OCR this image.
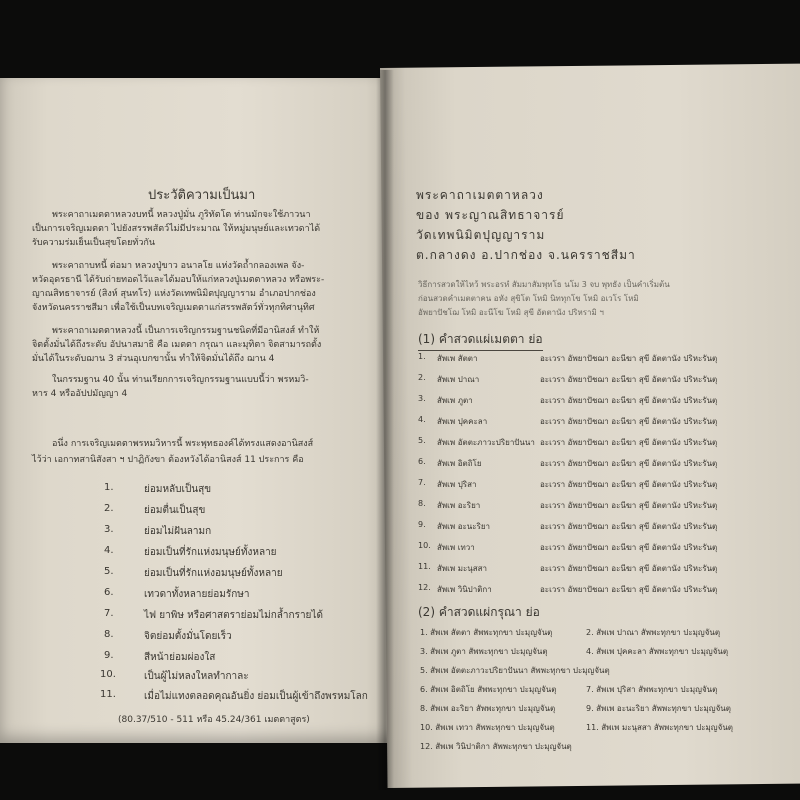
ประวัติความเป็นมา
พระคาถาเมตตาหลวงบทนี้ หลวงปู่มั่น ภูริทัตโต ท่านมักจะใช้ภาวนา
เป็นการเจริญเมตตา ไปยังสรรพสัตว์ไม่มีประมาณ ให้หมู่มนุษย์และเทวดาได้
รับความร่มเย็นเป็นสุขโดยทั่วกัน
พระคาถาบทนี้ ต่อมา หลวงปู่ขาว อนาลโย แห่งวัดถ้ำกลองเพล จัง-
หวัดอุดรธานี ได้รับถ่ายทอดไว้และได้มอบให้แก่หลวงปู่เมตตาหลวง หรือพระ-
ญาณสิทธาจารย์ (สิงห์ สุนทโร) แห่งวัดเทพนิมิตปุญญาราม อำเภอปากช่อง
จังหวัดนครราชสีมา เพื่อใช้เป็นบทเจริญเมตตาแก่สรรพสัตว์ทั่วทุกทิศานุทิศ
พระคาถาเมตตาหลวงนี้ เป็นการเจริญกรรมฐานชนิดที่มีอานิสงส์ ทำให้
จิตตั้งมั่นได้ถึงระดับ อัปนาสมาธิ คือ เมตตา กรุณา และมุทิตา จิตสามารถตั้ง
มั่นได้ในระดับฌาน 3 ส่วนอุเบกขานั้น ทำให้จิตมั่นได้ถึง ฌาน 4
ในกรรมฐาน 40 นั้น ท่านเรียกการเจริญกรรมฐานแบบนี้ว่า พรหมวิ-
หาร 4 หรืออัปปมัญญา 4
อนึ่ง การเจริญเมตตาพรหมวิหารนี้ พระพุทธองค์ได้ทรงแสดงอานิสงส์
ไว้ว่า เอกาทสานิสังสา ฯ ปาฏิกังขา ต้องหวังได้อานิสงส์ 11 ประการ คือ
1.	ย่อมหลับเป็นสุข
2.	ย่อมตื่นเป็นสุข
3.	ย่อมไม่ฝันลามก
4.	ย่อมเป็นที่รักแห่งมนุษย์ทั้งหลาย
5.	ย่อมเป็นที่รักแห่งอมนุษย์ทั้งหลาย
6.	เทวดาทั้งหลายย่อมรักษา
7.	ไฟ ยาพิษ หรือศาสตราย่อมไม่กล้ำกรายได้
8.	จิตย่อมตั้งมั่นโดยเร็ว
9.	สีหน้าย่อมผ่องใส
10.	เป็นผู้ไม่หลงใหลทำกาละ
11.	เมื่อไม่แทงตลอดคุณอันยิ่ง ย่อมเป็นผู้เข้าถึงพรหมโลก
(80.37/510 - 511 หรือ 45.24/361 เมตตาสูตร)
พระคาถาเมตตาหลวง
ของ พระญาณสิทธาจารย์
วัดเทพนิมิตปุญญาราม
ต.กลางดง อ.ปากช่อง จ.นครราชสีมา
วิธีการสวดให้ไหว้ พระอรหํ สัมมาสัมพุทโธ นโม 3 จบ พุทธัง เป็นคำเริ่มต้น
ก่อนสวดคำเมตตาคน อหัง สุขิโต โหมิ นิททุกโข โหมิ อเวโร โหมิ
อัพยาปัชโฌ โหมิ อะนีโฆ โหมิ สุขี อัตตานัง ปริหรามิ ฯ
(1) คำสวดแผ่เมตตา ย่อ
1. สัพเพ สัตตา	อะเวรา อัพยาปัชฌา อะนีฆา สุขี อัตตานัง ปริหะรันตุ
2. สัพเพ ปาณา	อะเวรา อัพยาปัชฌา อะนีฆา สุขี อัตตานัง ปริหะรันตุ
3. สัพเพ ภูตา	อะเวรา อัพยาปัชฌา อะนีฆา สุขี อัตตานัง ปริหะรันตุ
4. สัพเพ ปุคคะลา	อะเวรา อัพยาปัชฌา อะนีฆา สุขี อัตตานัง ปริหะรันตุ
5. สัพเพ อัตตะภาวะปริยาปันนา อะเวรา อัพยาปัชฌา อะนีฆา สุขี อัตตานัง ปริหะรันตุ
6. สัพเพ อิตถิโย	อะเวรา อัพยาปัชฌา อะนีฆา สุขี อัตตานัง ปริหะรันตุ
7. สัพเพ ปุริสา	อะเวรา อัพยาปัชฌา อะนีฆา สุขี อัตตานัง ปริหะรันตุ
8. สัพเพ อะริยา	อะเวรา อัพยาปัชฌา อะนีฆา สุขี อัตตานัง ปริหะรันตุ
9. สัพเพ อะนะริยา	อะเวรา อัพยาปัชฌา อะนีฆา สุขี อัตตานัง ปริหะรันตุ
10. สัพเพ เทวา	อะเวรา อัพยาปัชฌา อะนีฆา สุขี อัตตานัง ปริหะรันตุ
11. สัพเพ มะนุสสา	อะเวรา อัพยาปัชฌา อะนีฆา สุขี อัตตานัง ปริหะรันตุ
12. สัพเพ วินิปาติกา	อะเวรา อัพยาปัชฌา อะนีฆา สุขี อัตตานัง ปริหะรันตุ
(2) คำสวดแผ่กรุณา ย่อ
1. สัพเพ สัตตา สัพพะทุกขา ปะมุญจันตุ	2. สัพเพ ปาณา สัพพะทุกขา ปะมุญจันตุ
3. สัพเพ ภูตา สัพพะทุกขา ปะมุญจันตุ	4. สัพเพ ปุคคะลา สัพพะทุกขา ปะมุญจันตุ
5. สัพเพ อัตตะภาวะปริยาปันนา สัพพะทุกขา ปะมุญจันตุ
6. สัพเพ อิตถิโย สัพพะทุกขา ปะมุญจันตุ	7. สัพเพ ปุริสา สัพพะทุกขา ปะมุญจันตุ
8. สัพเพ อะริยา สัพพะทุกขา ปะมุญจันตุ	9. สัพเพ อะนะริยา สัพพะทุกขา ปะมุญจันตุ
10. สัพเพ เทวา สัพพะทุกขา ปะมุญจันตุ	11. สัพเพ มะนุสสา สัพพะทุกขา ปะมุญจันตุ
12. สัพเพ วินิปาติกา สัพพะทุกขา ปะมุญจันตุ
